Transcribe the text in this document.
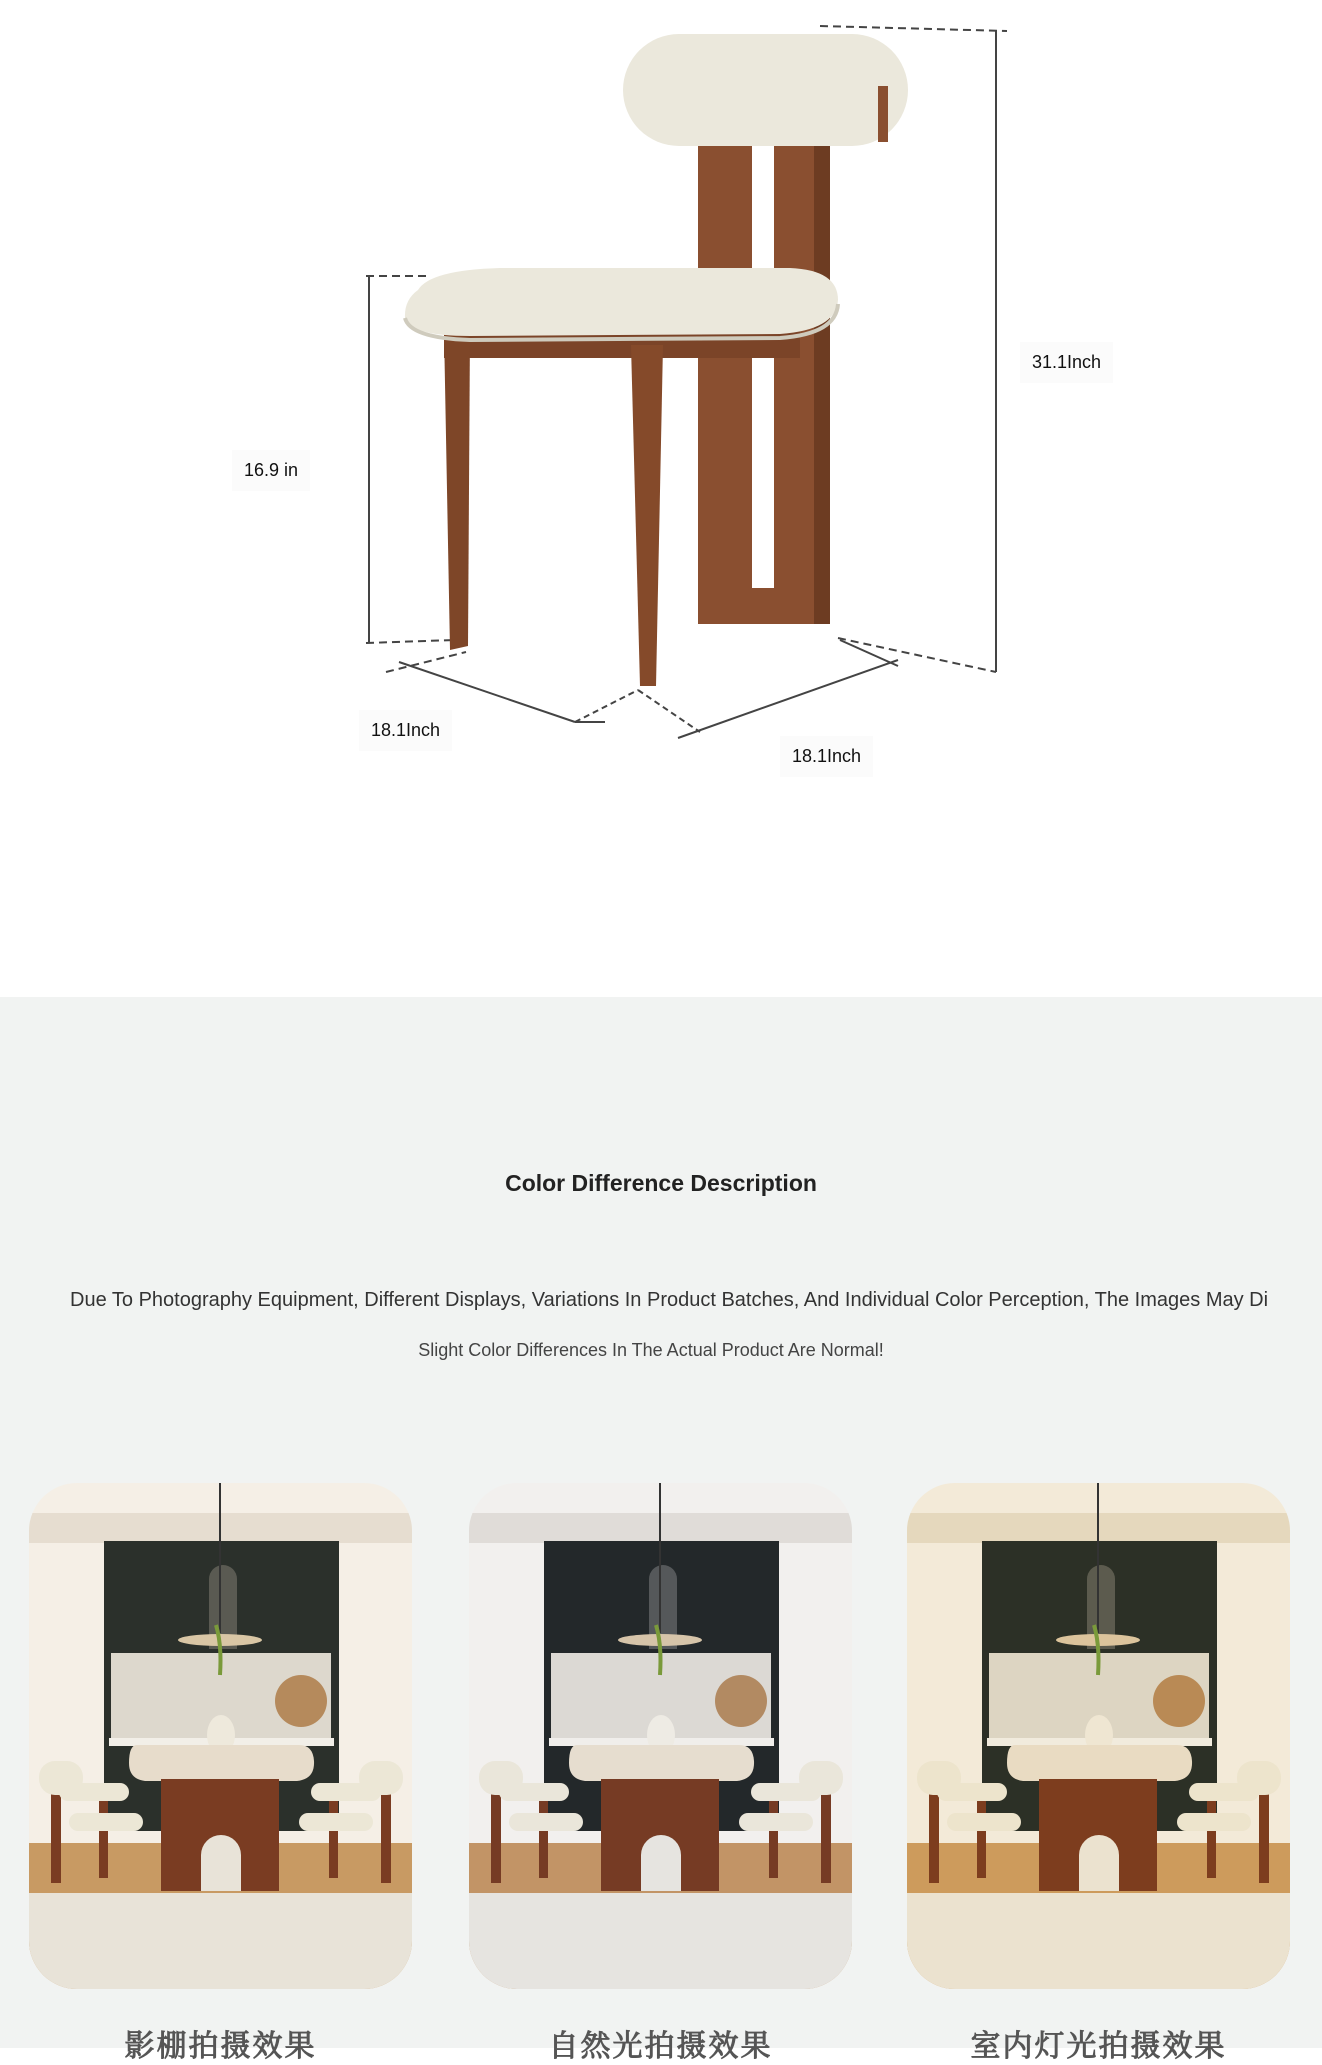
31.1Inch
16.9 in
18.1Inch
18.1Inch
Color Difference Description
Due To Photography Equipment, Different Displays, Variations In Product Batches, And Individual Color Perception, The Images May Di
Slight Color Differences In The Actual Product Are Normal!
影棚拍摄效果	自然光拍摄效果	室内灯光拍摄效果
